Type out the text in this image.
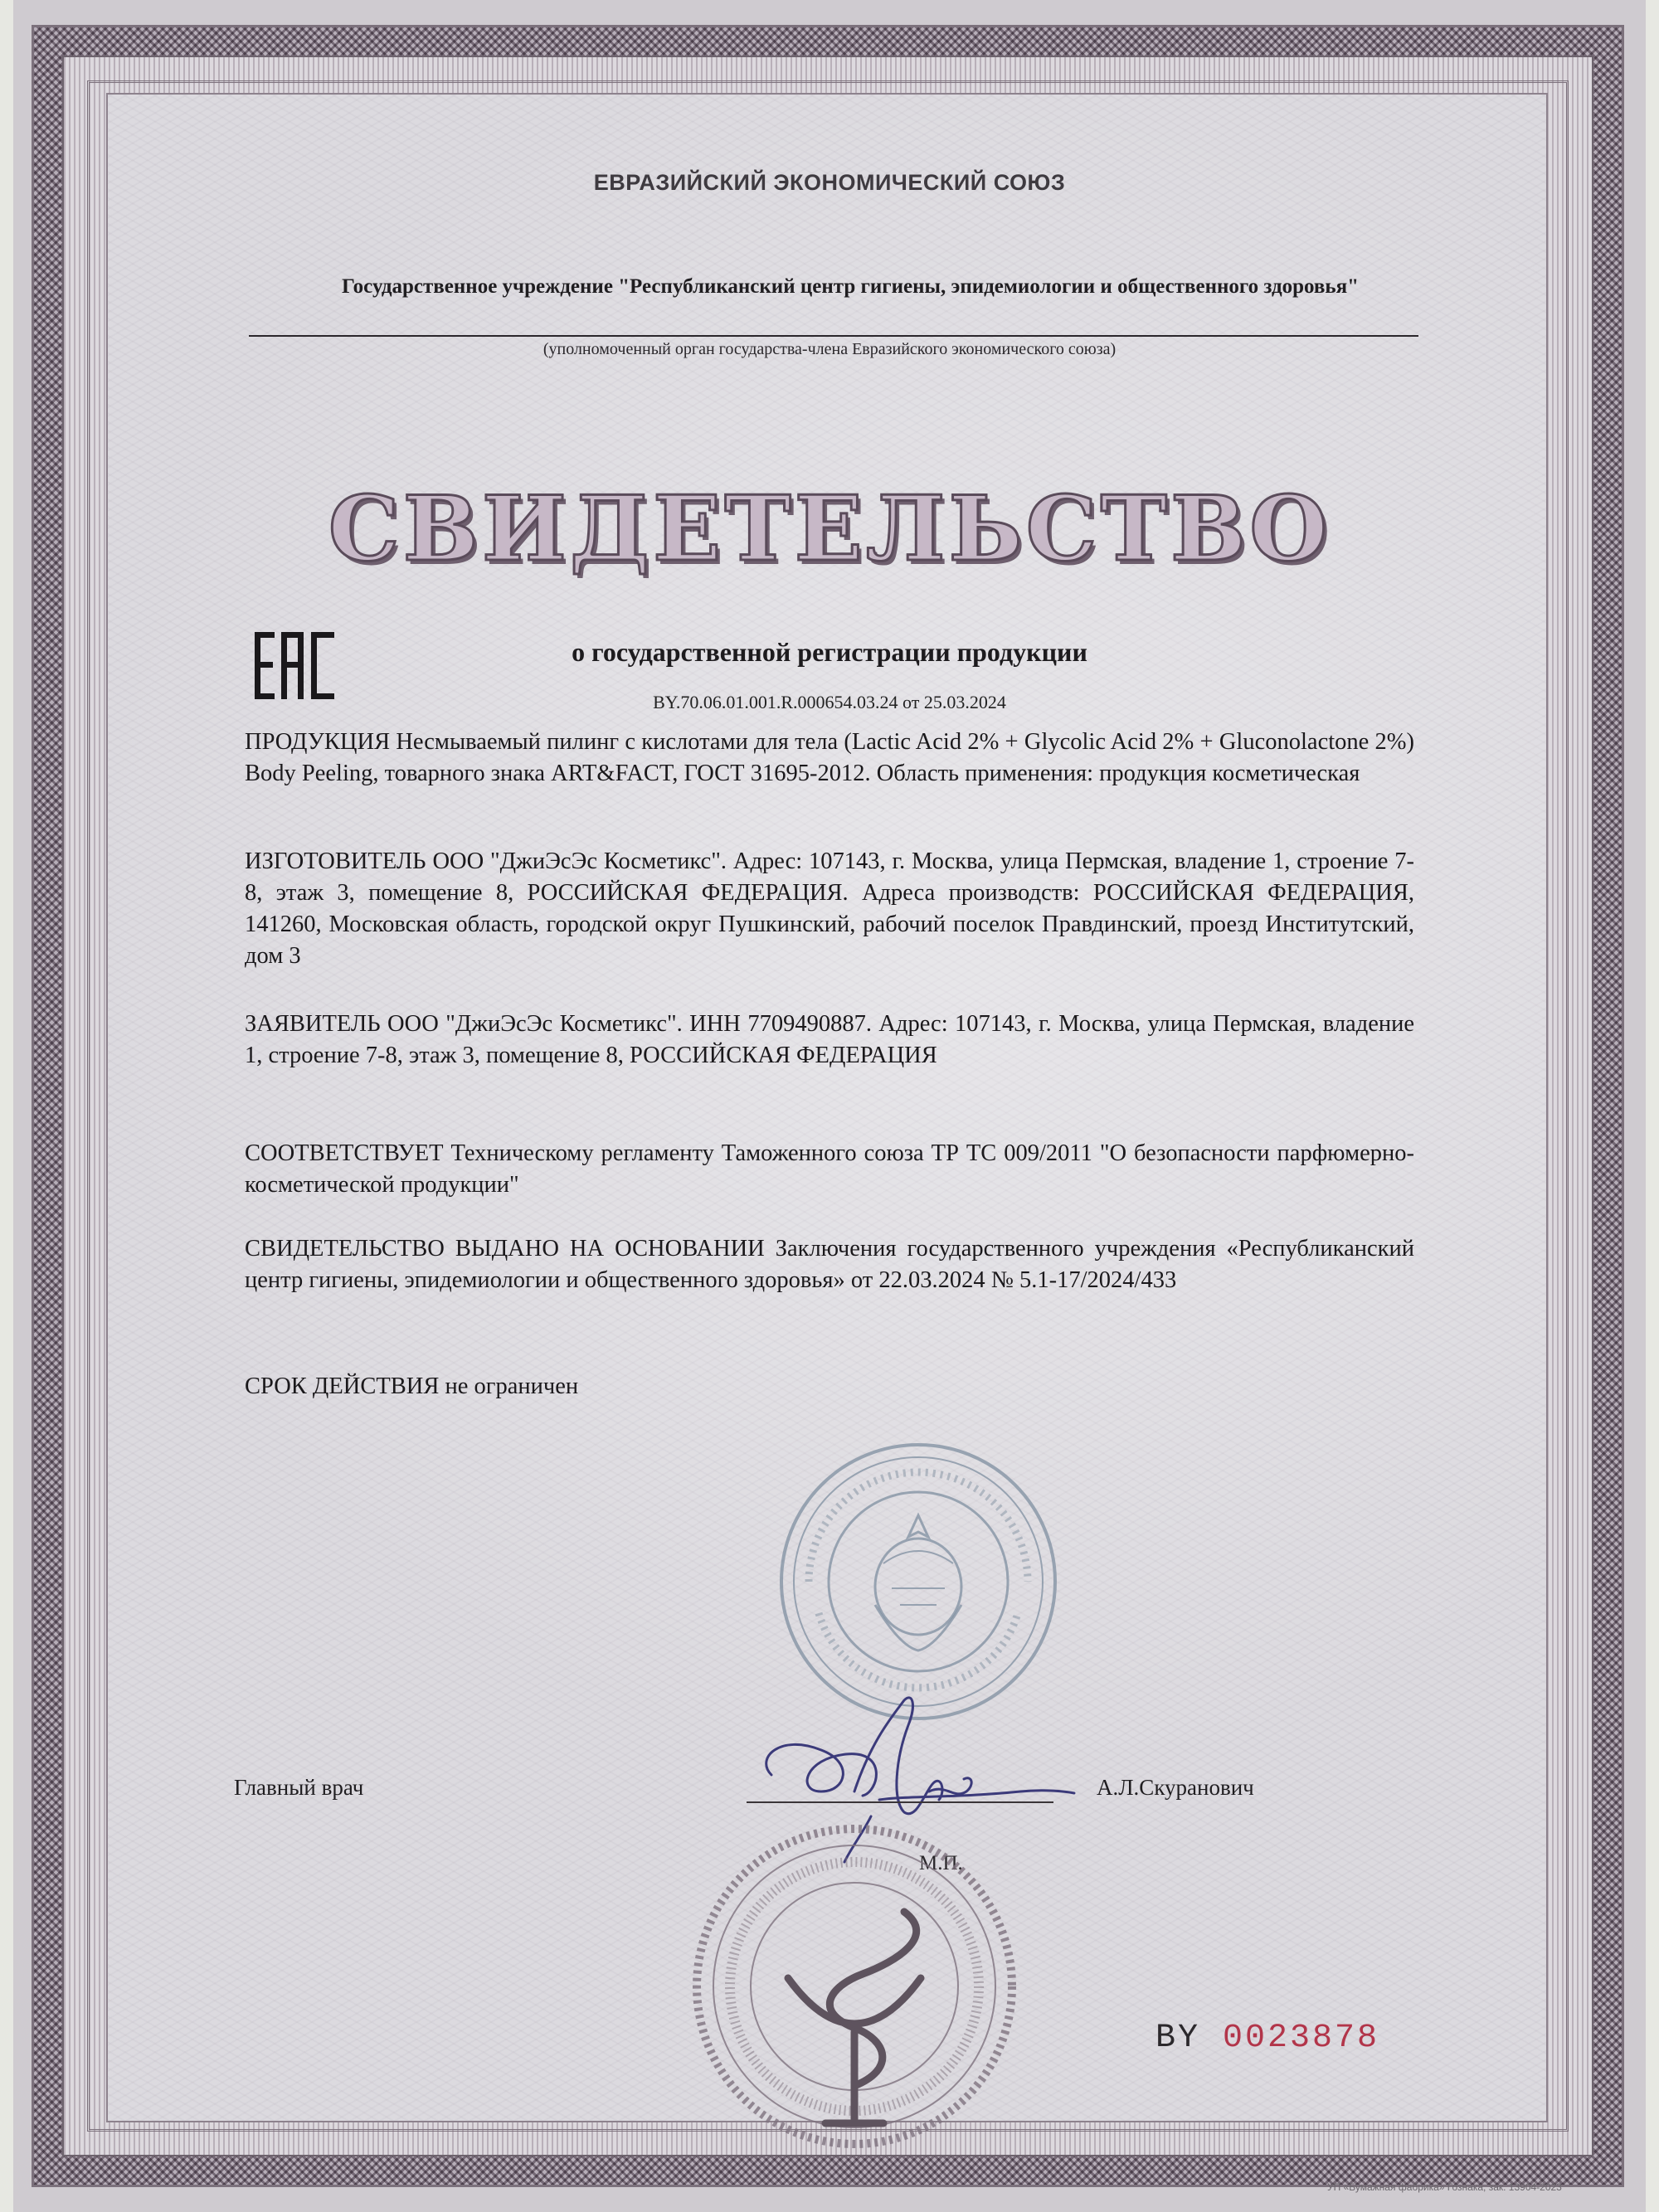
ЕВРАЗИЙСКИЙ ЭКОНОМИЧЕСКИЙ СОЮЗ
Государственное учреждение "Республиканский центр гигиены, эпидемиологии и общественного здоровья"
(уполномоченный орган государства-члена Евразийского экономического союза)
СВИДЕТЕЛЬСТВО
о государственной регистрации продукции
BY.70.06.01.001.R.000654.03.24 от 25.03.2024
ПРОДУКЦИЯ Несмываемый пилинг с кислотами для тела (Lactic Acid 2% + Glycolic Acid 2% + Gluconolactone 2%) Body Peeling, товарного знака ART&FACT, ГОСТ 31695-2012. Область применения: продукция косметическая
ИЗГОТОВИТЕЛЬ ООО "ДжиЭсЭс Косметикс". Адрес: 107143, г. Москва, улица Пермская, владение 1, строение 7-8, этаж 3, помещение 8, РОССИЙСКАЯ ФЕДЕРАЦИЯ. Адреса производств: РОССИЙСКАЯ ФЕДЕРАЦИЯ, 141260, Московская область, городской округ Пушкинский, рабочий поселок Правдинский, проезд Институтский, дом 3
ЗАЯВИТЕЛЬ ООО "ДжиЭсЭс Косметикс". ИНН 7709490887. Адрес: 107143, г. Москва, улица Пермская, владение 1, строение 7-8, этаж 3, помещение 8, РОССИЙСКАЯ ФЕДЕРАЦИЯ
СООТВЕТСТВУЕТ Техническому регламенту Таможенного союза ТР ТС 009/2011 "О безопасности парфюмерно-косметической продукции"
СВИДЕТЕЛЬСТВО ВЫДАНО НА ОСНОВАНИИ Заключения государственного учреждения «Республиканский центр гигиены, эпидемиологии и общественного здоровья» от 22.03.2024 № 5.1-17/2024/433
СРОК ДЕЙСТВИЯ не ограничен
Главный врач	А.Л.Скуранович
М.П.
BY 0023878
УП «Бумажная фабрика» Гознака, зак. 13904-2023
